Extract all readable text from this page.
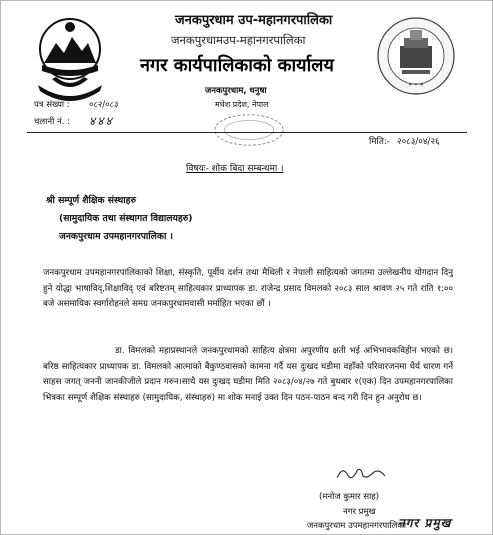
✦ ✦ ✦
जनकपुरधाम उप-महानगरपालिका
जनकपुरधामउप-महानगरपालिका
नगर कार्यपालिकाको कार्यालय
जनकपुरधाम, धनुषा
मधेश प्रदेश, नेपाल
पत्र संख्या : ०८२/०८३
चलानी नं. : ४४४
मिति:- २०८३/०४/२६
विषयः- शोक बिदा सम्बन्धमा ।
श्री सम्पूर्ण शैक्षिक संस्थाहरु
(सामुदायिक तथा संस्थागत विद्यालयहरु)
जनकपुरधाम उपमहानगरपालिका ।
जनकपुरधाम उपमहानगरपालिकाको शिक्षा, संस्कृति, पूर्वीय दर्शन तथा मैथिली र नेपाली साहित्यको जगतमा उल्लेखनीय योगदान दिनु हुने योद्धा भाषाविद्,शिक्षाविद् एवं बरिष्टतम् साहित्यकार प्राध्यापक डा. राजेन्द्र प्रसाद विमलको २०८३ साल श्रावण २५ गते राति १:०० बजे असमायिक स्वर्गारोहनले समग्र जनकपुरधामवासी मर्माहित भएका छौं ।
डा. विमलको महाप्रस्थानले जनकपुरधामको साहित्य क्षेत्रमा अपुरणीय क्षती भई अभिभावकविहीन भएको छ।बरिष्ठ साहित्यकार प्राध्यापक डा. विमलको आत्माको बैकुण्ठवासको कामना गर्दै यस दुःखद घडीमा वहाँको परिवारजनमा धैर्य धारण गर्ने साहस जगत् जननी जानकीजीले प्रदान गरुन।साथै यस दुःखद घडीमा मिति २०८३/०४/२७ गते बुधबार १(एक) दिन उपमहानगरपालिका भित्रका सम्पूर्ण शैक्षिक संस्थाहरु (सामुदायिक, संस्थाहरु) मा शोक मनाई उक्त दिन पठन-पाठन बन्द गरी दिन हुन अनुरोध छ।
(मनोज कुमार साह)
नगर प्रमुख
जनकपुरधाम उपमहानगरपालिका
नगर प्रमुख
